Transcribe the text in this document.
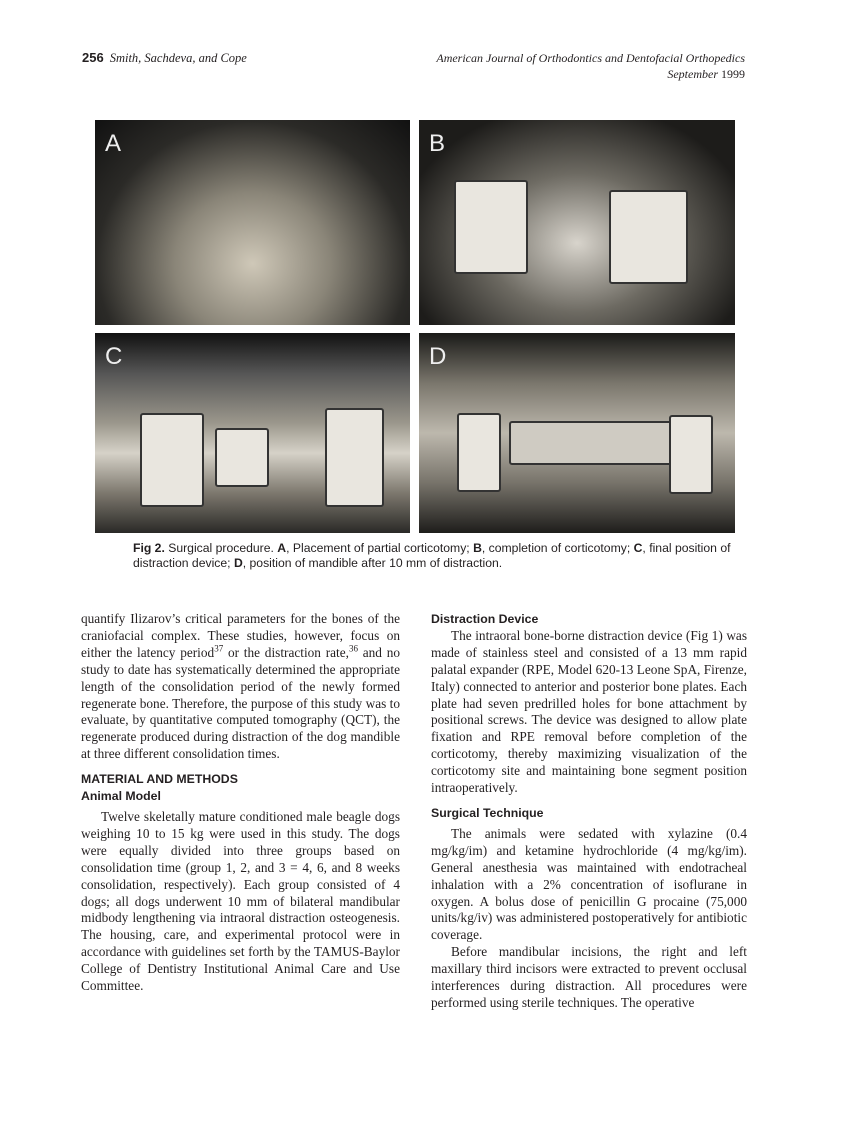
256 Smith, Sachdeva, and Cope	American Journal of Orthodontics and Dentofacial Orthopedics
September 1999
A	B
C	D
Fig 2. Surgical procedure. A, Placement of partial corticotomy; B, completion of corticotomy; C, final position of distraction device; D, position of mandible after 10 mm of distraction.

quantify Ilizarov’s critical parameters for the bones of the craniofacial complex. These studies, however, focus on either the latency period$^{37}$ or the distraction rate,$^{36}$ and no study to date has systematically determined the appropriate length of the consolidation period of the newly formed regenerate bone. Therefore, the purpose of this study was to evaluate, by quantitative computed tomography (QCT), the regenerate produced during distraction of the dog mandible at three different consolidation times.

MATERIAL AND METHODS
Animal Model

Twelve skeletally mature conditioned male beagle dogs weighing 10 to 15 kg were used in this study. The dogs were equally divided into three groups based on consolidation time (group 1, 2, and 3 = 4, 6, and 8 weeks consolidation, respectively). Each group consisted of 4 dogs; all dogs underwent 10 mm of bilateral mandibular midbody lengthening via intraoral distraction osteogenesis. The housing, care, and experimental protocol were in accordance with guidelines set forth by the TAMUS-Baylor College of Dentistry Institutional Animal Care and Use Committee.

Distraction Device

The intraoral bone-borne distraction device (Fig 1) was made of stainless steel and consisted of a 13 mm rapid palatal expander (RPE, Model 620-13 Leone SpA, Firenze, Italy) connected to anterior and posterior bone plates. Each plate had seven predrilled holes for bone attachment by positional screws. The device was designed to allow plate fixation and RPE removal before completion of the corticotomy, thereby maximizing visualization of the corticotomy site and maintaining bone segment position intraoperatively.

Surgical Technique

The animals were sedated with xylazine (0.4 mg/kg/im) and ketamine hydrochloride (4 mg/kg/im). General anesthesia was maintained with endotracheal inhalation with a 2% concentration of isoflurane in oxygen. A bolus dose of penicillin G procaine (75,000 units/kg/iv) was administered postoperatively for antibiotic coverage.

Before mandibular incisions, the right and left maxillary third incisors were extracted to prevent occlusal interferences during distraction. All procedures were performed using sterile techniques. The operative
